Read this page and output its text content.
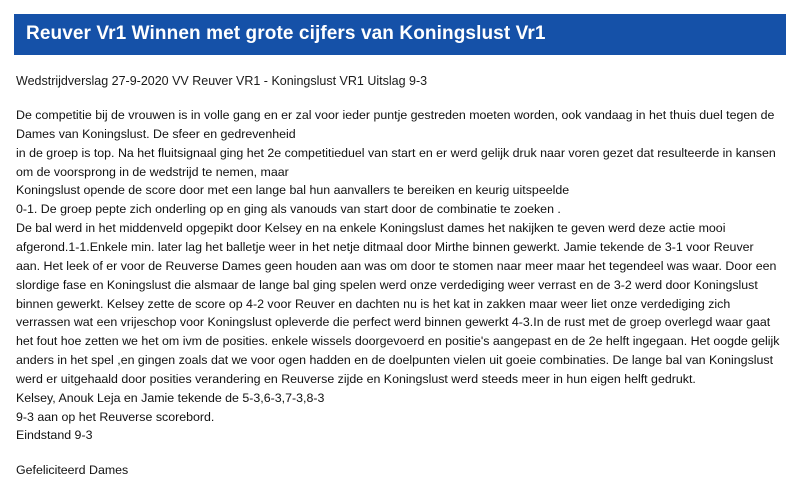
Reuver Vr1 Winnen met grote cijfers van Koningslust Vr1
Wedstrijdverslag 27-9-2020 VV Reuver VR1 - Koningslust VR1 Uitslag 9-3

De competitie bij de vrouwen is in volle gang en er zal voor ieder puntje gestreden moeten worden, ook vandaag in het thuis duel tegen de Dames van Koningslust. De sfeer en gedrevenheid

in de groep is top. Na het fluitsignaal ging het 2e competitieduel van start en er werd gelijk druk naar voren gezet dat resulteerde in kansen om de voorsprong in de wedstrijd te nemen, maar

Koningslust opende de score door met een lange bal hun aanvallers te bereiken en keurig uitspeelde

0-1. De groep pepte zich onderling op en ging als vanouds van start door de combinatie te zoeken .

De bal werd in het middenveld opgepikt door Kelsey en na enkele Koningslust dames het nakijken te geven werd deze actie mooi afgerond.1-1.Enkele min. later lag het balletje weer in het netje ditmaal door Mirthe binnen gewerkt. Jamie tekende de 3-1 voor Reuver aan. Het leek of er voor de Reuverse Dames geen houden aan was om door te stomen naar meer maar het tegendeel was waar. Door een slordige fase en Koningslust die alsmaar de lange bal ging spelen werd onze verdediging weer verrast en de 3-2 werd door Koningslust binnen gewerkt. Kelsey zette de score op 4-2 voor Reuver en dachten nu is het kat in zakken maar weer liet onze verdediging zich verrassen wat een vrijeschop voor Koningslust opleverde die perfect werd binnen gewerkt 4-3.In de rust met de groep overlegd waar gaat het fout hoe zetten we het om ivm de posities. enkele wissels doorgevoerd en positie's aangepast en de 2e helft ingegaan. Het oogde gelijk anders in het spel ,en gingen zoals dat we voor ogen hadden en de doelpunten vielen uit goeie combinaties. De lange bal van Koningslust werd er uitgehaald door posities verandering en Reuverse zijde en Koningslust werd steeds meer in hun eigen helft gedrukt.

Kelsey, Anouk Leja en Jamie tekende de 5-3,6-3,7-3,8-3

9-3 aan op het Reuverse scorebord.

Eindstand 9-3

Gefeliciteerd Dames
